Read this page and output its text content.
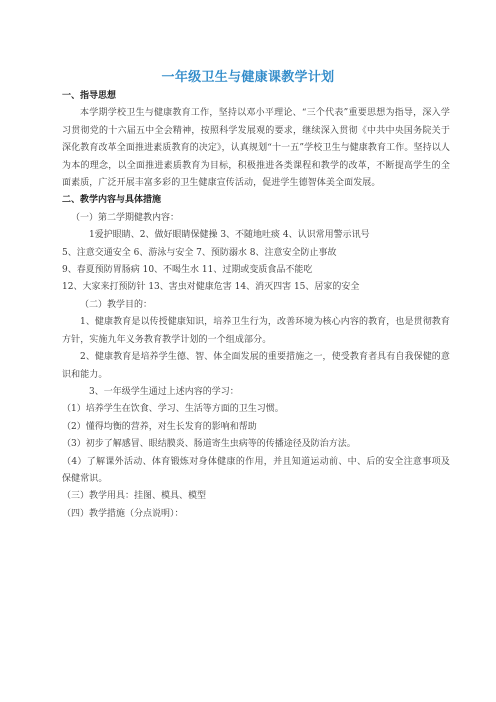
一年级卫生与健康课教学计划
一、指导思想
本学期学校卫生与健康教育工作，坚持以邓小平理论、“三个代表”重要思想为指导，深入学习贯彻党的十六届五中全会精神，按照科学发展观的要求，继续深入贯彻《中共中央国务院关于深化教育改革全面推进素质教育的决定》，认真规划“十一五”学校卫生与健康教育工作。坚持以人为本的理念，以全面推进素质教育为目标，积极推进各类课程和教学的改革，不断提高学生的全面素质，广泛开展丰富多彩的卫生健康宣传活动，促进学生德智体美全面发展。
二、教学内容与具体措施
（一）第二学期健教内容：
1爱护眼睛、2、做好眼睛保健操 3、不随地吐痰 4、认识常用警示讯号
5、注意交通安全 6、游泳与安全 7、预防溺水 8、注意安全防止事故
9、春夏预防胃肠病 10、不喝生水 11、过期或变质食品不能吃
12、大家来打预防针 13、害虫对健康危害 14、消灭四害 15、居家的安全
（二）教学目的：
1、健康教育是以传授健康知识，培养卫生行为，改善环境为核心内容的教育，也是贯彻教育方针，实施九年义务教育教学计划的一个组成部分。
2、健康教育是培养学生德、智、体全面发展的重要措施之一，使受教育者具有自我保健的意识和能力。
3、一年级学生通过上述内容的学习：
（1）培养学生在饮食、学习、生活等方面的卫生习惯。
（2）懂得均衡的营养，对生长发育的影响和帮助
（3）初步了解感冒、眼结膜炎、肠道寄生虫病等的传播途径及防治方法。
（4）了解课外活动、体育锻炼对身体健康的作用，并且知道运动前、中、后的安全注意事项及保健常识。
（三）教学用具：挂图、模具、模型
（四）教学措施（分点说明）：
